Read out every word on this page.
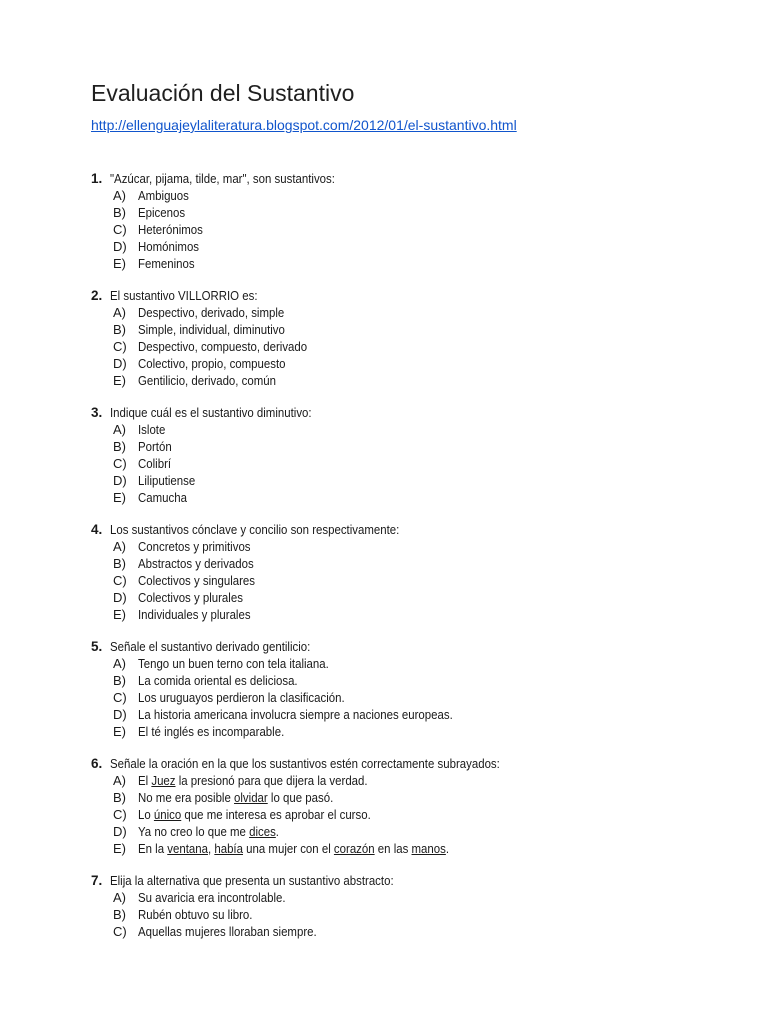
Evaluación del Sustantivo
http://ellenguajeylaliteratura.blogspot.com/2012/01/el-sustantivo.html
1. "Azúcar, pijama, tilde, mar", son sustantivos:
A) Ambiguos
B) Epicenos
C) Heterónimos
D) Homónimos
E) Femeninos
2. El sustantivo VILLORRIO es:
A) Despectivo, derivado, simple
B) Simple, individual, diminutivo
C) Despectivo, compuesto, derivado
D) Colectivo, propio, compuesto
E) Gentilicio, derivado, común
3. Indique cuál es el sustantivo diminutivo:
A) Islote
B) Portón
C) Colibrí
D) Liliputiense
E) Camucha
4. Los sustantivos cónclave y concilio son respectivamente:
A) Concretos y primitivos
B) Abstractos y derivados
C) Colectivos y singulares
D) Colectivos y plurales
E) Individuales y plurales
5. Señale el sustantivo derivado gentilicio:
A) Tengo un buen terno con tela italiana.
B) La comida oriental es deliciosa.
C) Los uruguayos perdieron la clasificación.
D) La historia americana involucra siempre a naciones europeas.
E) El té inglés es incomparable.
6. Señale la oración en la que los sustantivos estén correctamente subrayados:
A) El Juez la presionó para que dijera la verdad.
B) No me era posible olvidar lo que pasó.
C) Lo único que me interesa es aprobar el curso.
D) Ya no creo lo que me dices.
E) En la ventana, había una mujer con el corazón en las manos.
7. Elija la alternativa que presenta un sustantivo abstracto:
A) Su avaricia era incontrolable.
B) Rubén obtuvo su libro.
C) Aquellas mujeres lloraban siempre.
